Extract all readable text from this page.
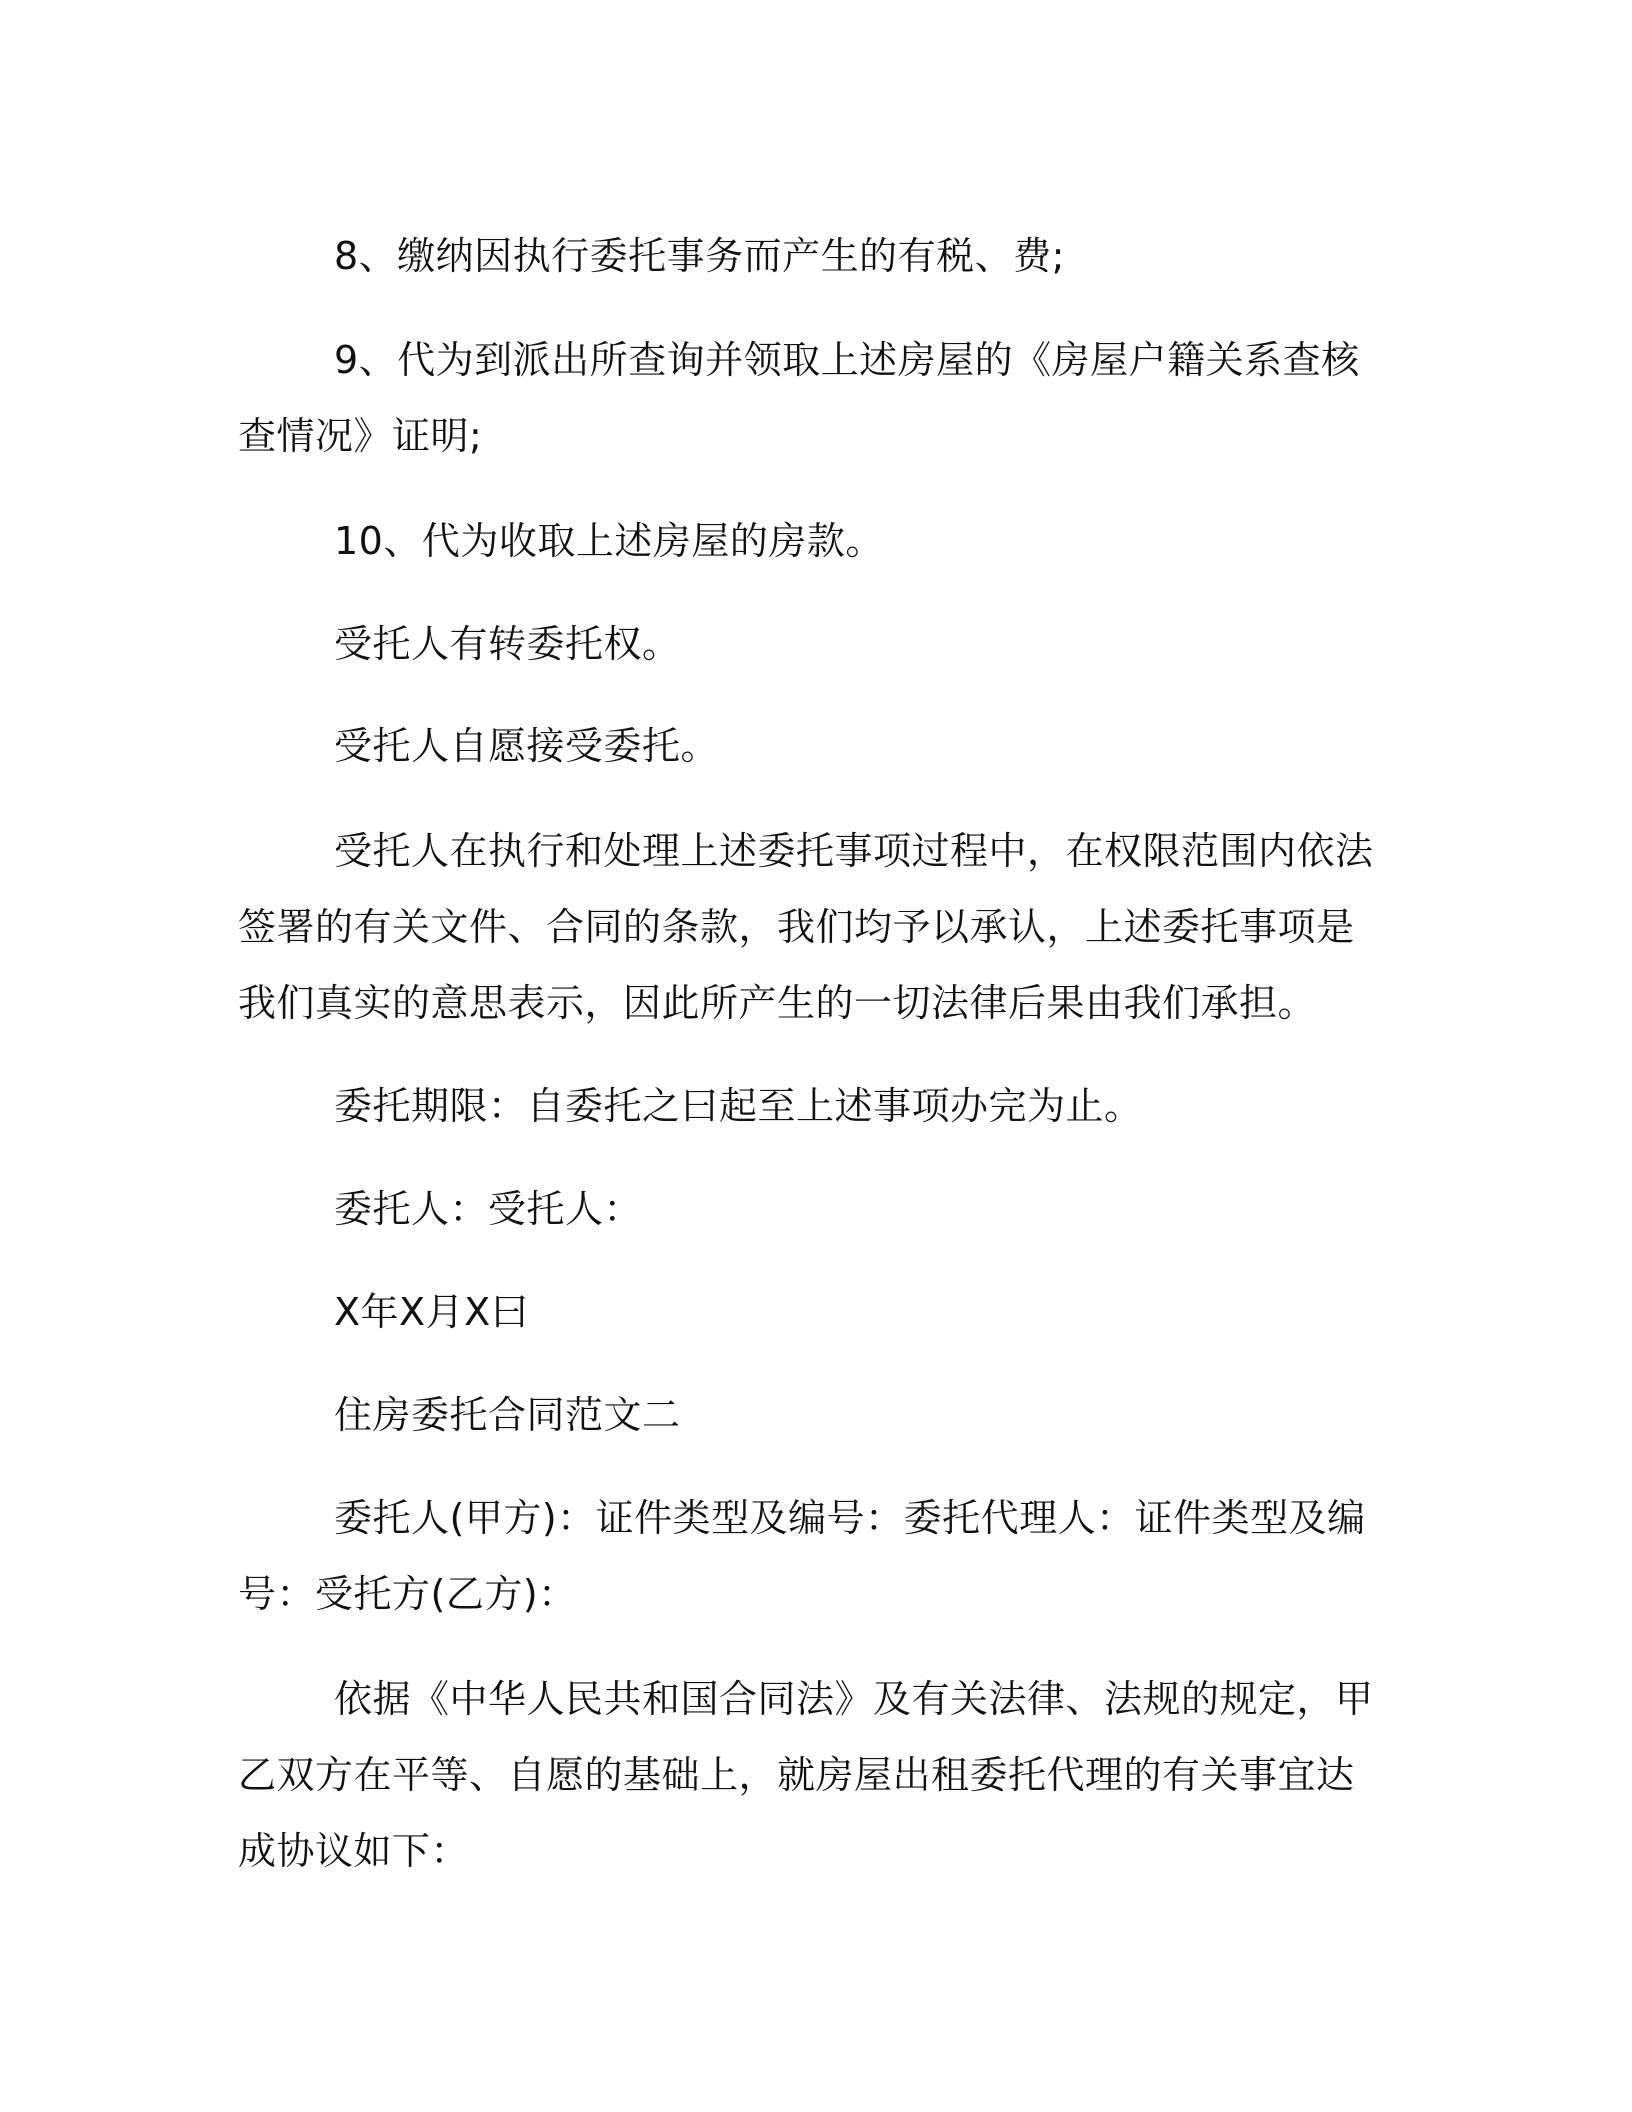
8、缴纳因执行委托事务而产生的有税、费;

9、代为到派出所查询并领取上述房屋的《房屋户籍关系查核查情况》证明;

10、代为收取上述房屋的房款。

受托人有转委托权。

受托人自愿接受委托。

受托人在执行和处理上述委托事项过程中，在权限范围内依法签署的有关文件、合同的条款，我们均予以承认，上述委托事项是我们真实的意思表示，因此所产生的一切法律后果由我们承担。

委托期限：自委托之曰起至上述事项办完为止。

委托人：受托人：

X年X月X曰

住房委托合同范文二

委托人(甲方)：证件类型及编号：委托代理人：证件类型及编号：受托方(乙方)：

依据《中华人民共和国合同法》及有关法律、法规的规定，甲乙双方在平等、自愿的基础上，就房屋出租委托代理的有关事宜达成协议如下：
